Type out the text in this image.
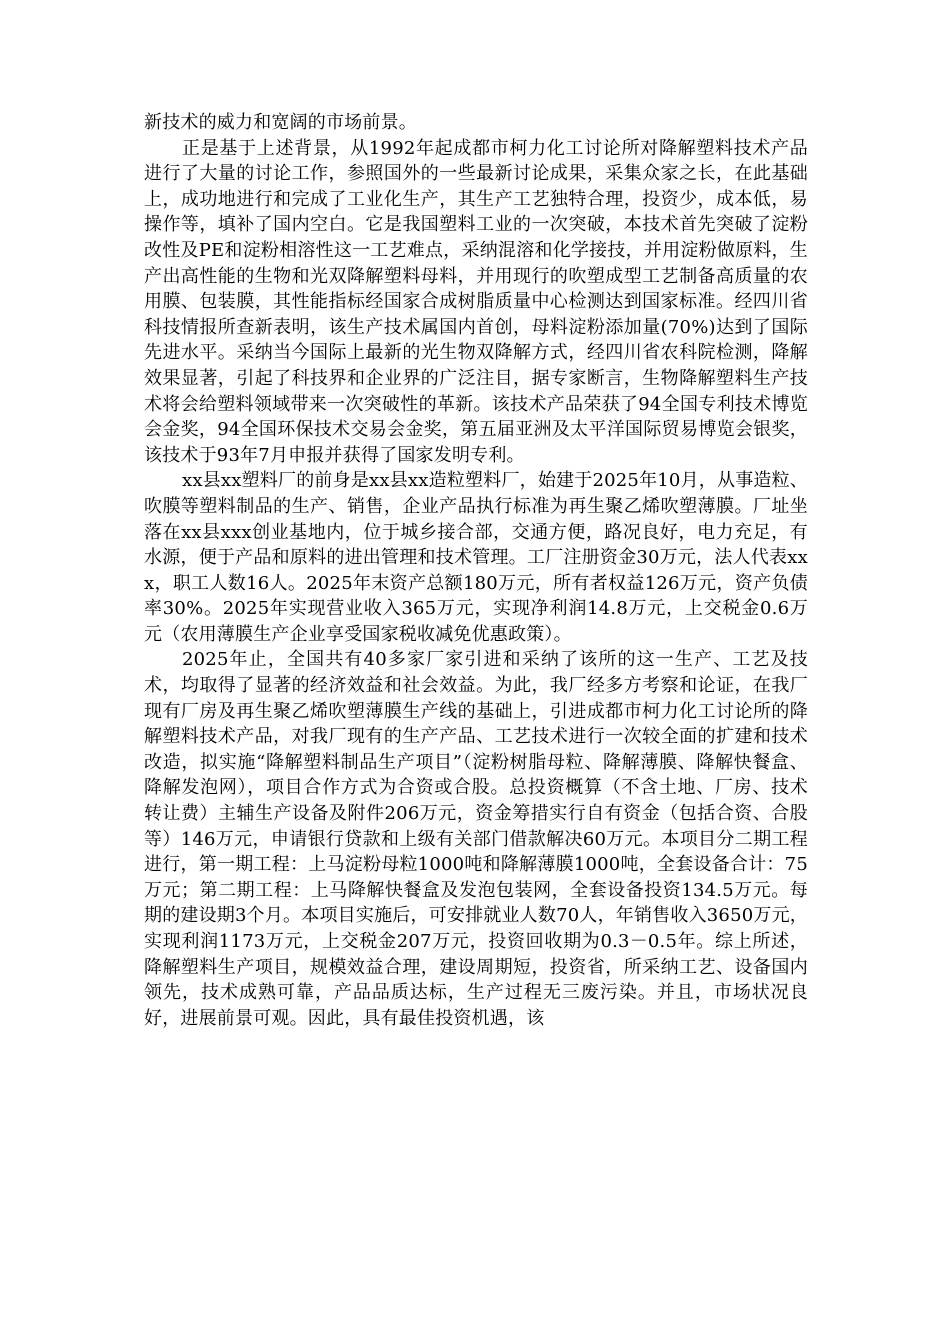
新技术的威力和宽阔的市场前景。

正是基于上述背景，从1992年起成都市柯力化工讨论所对降解塑料技术产品进行了大量的讨论工作，参照国外的一些最新讨论成果，采集众家之长，在此基础上，成功地进行和完成了工业化生产，其生产工艺独特合理，投资少，成本低，易操作等，填补了国内空白。它是我国塑料工业的一次突破，本技术首先突破了淀粉改性及PE和淀粉相溶性这一工艺难点，采纳混溶和化学接技，并用淀粉做原料，生产出高性能的生物和光双降解塑料母料，并用现行的吹塑成型工艺制备高质量的农用膜、包装膜，其性能指标经国家合成树脂质量中心检测达到国家标准。经四川省科技情报所查新表明，该生产技术属国内首创，母料淀粉添加量(70%)达到了国际先进水平。采纳当今国际上最新的光生物双降解方式，经四川省农科院检测，降解效果显著，引起了科技界和企业界的广泛注目，据专家断言，生物降解塑料生产技术将会给塑料领域带来一次突破性的革新。该技术产品荣获了94全国专利技术博览会金奖，94全国环保技术交易会金奖，第五届亚洲及太平洋国际贸易博览会银奖，该技术于93年7月申报并获得了国家发明专利。

xx县xx塑料厂的前身是xx县xx造粒塑料厂，始建于2025年10月，从事造粒、吹膜等塑料制品的生产、销售，企业产品执行标准为再生聚乙烯吹塑薄膜。厂址坐落在xx县xxx创业基地内，位于城乡接合部，交通方便，路况良好，电力充足，有水源，便于产品和原料的进出管理和技术管理。工厂注册资金30万元，法人代表xxx，职工人数16人。2025年末资产总额180万元，所有者权益126万元，资产负债率30%。2025年实现营业收入365万元，实现净利润14.8万元，上交税金0.6万元（农用薄膜生产企业享受国家税收减免优惠政策）。

2025年止，全国共有40多家厂家引进和采纳了该所的这一生产、工艺及技术，均取得了显著的经济效益和社会效益。为此，我厂经多方考察和论证，在我厂现有厂房及再生聚乙烯吹塑薄膜生产线的基础上，引进成都市柯力化工讨论所的降解塑料技术产品，对我厂现有的生产产品、工艺技术进行一次较全面的扩建和技术改造，拟实施“降解塑料制品生产项目”（淀粉树脂母粒、降解薄膜、降解快餐盒、降解发泡网），项目合作方式为合资或合股。总投资概算（不含土地、厂房、技术转让费）主辅生产设备及附件206万元，资金筹措实行自有资金（包括合资、合股等）146万元，申请银行贷款和上级有关部门借款解决60万元。本项目分二期工程进行，第一期工程：上马淀粉母粒1000吨和降解薄膜1000吨，全套设备合计：75万元；第二期工程：上马降解快餐盒及发泡包装网，全套设备投资134.5万元。每期的建设期3个月。本项目实施后，可安排就业人数70人，年销售收入3650万元，实现利润1173万元，上交税金207万元，投资回收期为0.3－0.5年。综上所述，降解塑料生产项目，规模效益合理，建设周期短，投资省，所采纳工艺、设备国内领先，技术成熟可靠，产品品质达标，生产过程无三废污染。并且，市场状况良好，进展前景可观。因此，具有最佳投资机遇，该
